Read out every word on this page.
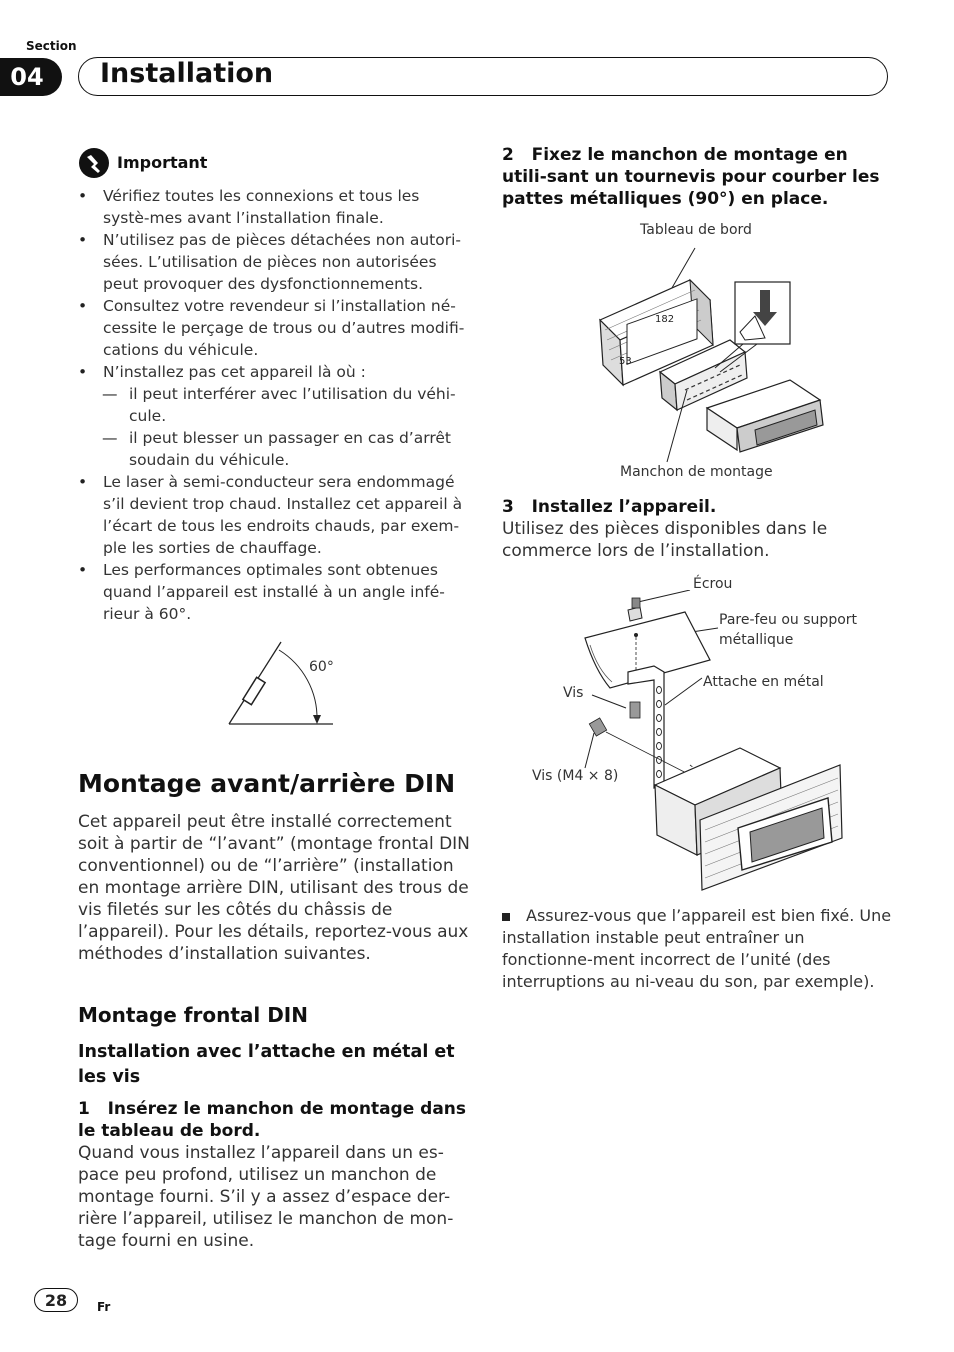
Section
04	Installation
Important
• Vérifiez toutes les connexions et tous les systè-mes avant l’installation finale.
• N’utilisez pas de pièces détachées non autori-sées. L’utilisation de pièces non autorisées peut provoquer des dysfonctionnements.
• Consultez votre revendeur si l’installation né-cessite le perçage de trous ou d’autres modifi-cations du véhicule.
• N’installez pas cet appareil là où :
— il peut interférer avec l’utilisation du véhi-cule.
— il peut blesser un passager en cas d’arrêt soudain du véhicule.
• Le laser à semi-conducteur sera endommagé s’il devient trop chaud. Installez cet appareil à l’écart de tous les endroits chauds, par exem-ple les sorties de chauffage.
• Les performances optimales sont obtenues quand l’appareil est installé à un angle infé-rieur à 60°.
60°
Montage avant/arrière DIN
Cet appareil peut être installé correctement soit à partir de “l’avant” (montage frontal DIN conventionnel) ou de “l’arrière” (installation en montage arrière DIN, utilisant des trous de vis filetés sur les côtés du châssis de l’appareil). Pour les détails, reportez-vous aux méthodes d’installation suivantes.
Montage frontal DIN
Installation avec l’attache en métal et les vis
1   Insérez le manchon de montage dans le tableau de bord.
Quand vous installez l’appareil dans un es-pace peu profond, utilisez un manchon de montage fourni. S’il y a assez d’espace der-rière l’appareil, utilisez le manchon de mon-tage fourni en usine.
2   Fixez le manchon de montage en utili-sant un tournevis pour courber les pattes métalliques (90°) en place.
Tableau de bord
182
53
Manchon de montage
3   Installez l’appareil.
Utilisez des pièces disponibles dans le commerce lors de l’installation.
Écrou
Pare-feu ou support métallique
Attache en métal
Vis
Vis (M4 × 8)
Assurez-vous que l’appareil est bien fixé. Une installation instable peut entraîner un fonctionne-ment incorrect de l’unité (des interruptions au ni-veau du son, par exemple).
28	Fr
